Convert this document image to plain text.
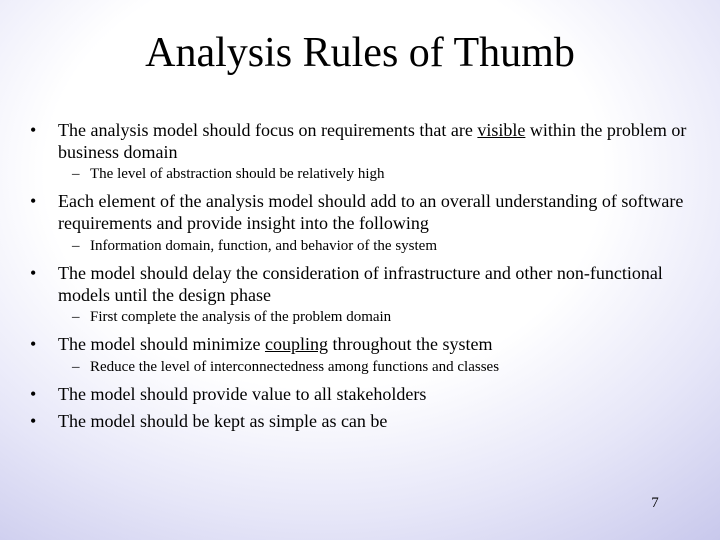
Analysis Rules of Thumb
•	The analysis model should focus on requirements that are visible within the problem or business domain
– The level of abstraction should be relatively high
•	Each element of the analysis model should add to an overall understanding of software requirements and provide insight into the following
– Information domain, function, and behavior of the system
•	The model should delay the consideration of infrastructure and other non-functional models until the design phase
– First complete the analysis of the problem domain
•	The model should minimize coupling throughout the system
– Reduce the level of interconnectedness among functions and classes
•	The model should provide value to all stakeholders
•	The model should be kept as simple as can be
7
